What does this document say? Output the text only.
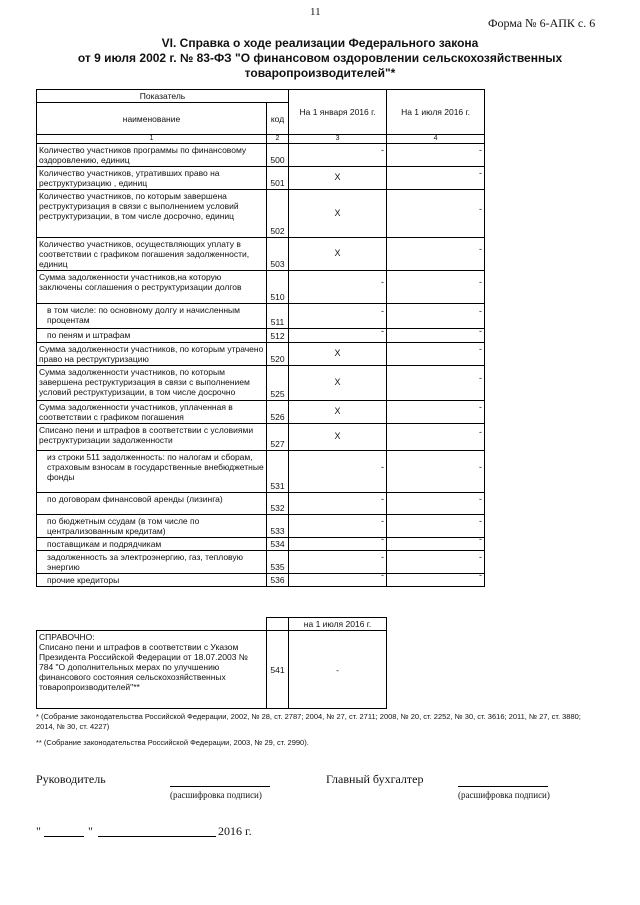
11
Форма № 6-АПК с. 6
VI. Справка о ходе реализации Федерального закона
от 9 июля 2002 г. № 83-ФЗ "О финансовом оздоровлении сельскохозяйственных
товаропроизводителей"*
Показатель		На 1 января 2016 г.	На 1 июля 2016 г.
наименование	код		
1	2	3	4
Количество участников программы по финансовому оздоровлению, единиц	500	-	-

Количество участников, утративших право на реструктуризацию , единиц	501	X	-

Количество участников, по которым завершена реструктуризация в связи с выполнением условий реструктуризации, в том числе досрочно, единиц	502	X	-

Количество участников, осуществляющих уплату в соответствии с графиком погашения задолженности, единиц	503	X	-

Сумма задолженности участников,на которую заключены соглашения о реструктуризации долгов	510	-	-

в том числе: по основному долгу и начисленным процентам	511	-	-

по пеням и штрафам	512	-	-

Сумма задолженности участников, по которым утрачено право на реструктуризацию	520	X	-

Сумма задолженности участников, по которым завершена реструктуризация в связи с выполнением условий реструктуризации, в том числе досрочно	525	X	-

Сумма задолженности участников, уплаченная в соответствии с графиком погашения	526	X	-

Списано пени и штрафов в соответствии с условиями реструктуризации задолженности	527	X	-

из строки 511 задолженность: по налогам и сборам, страховым взносам в государственные внебюджетные фонды	531	-	-

по договорам финансовой аренды (лизинга)	532	-	-

по бюджетным ссудам (в том числе по централизованным кредитам)	533	-	-

поставщикам и подрядчикам	534	-	-

задолженность за электроэнергию, газ, тепловую энергию	535	-	-

прочие кредиторы	536	-	-
		на 1 июля 2016 г.

СПРАВОЧНО:
Списано пени и штрафов в соответствии с Указом Президента Российской Федерации от 18.07.2003 № 784 "О дополнительных мерах по улучшению финансового состояния сельскохозяйственных товаропроизводителей"**	541	-
* (Собрание законодательства Российской Федерации, 2002, № 28, ст. 2787; 2004, № 27, ст. 2711; 2008, № 20, ст. 2252, № 30, ст. 3616; 2011, № 27, ст. 3880; 2014, № 30, ст. 4227)
** (Собрание законодательства Российской Федерации, 2003, № 29, ст. 2990).
Руководитель
(расшифровка подписи)
Главный бухгалтер
(расшифровка подписи)
"	"	2016 г.
